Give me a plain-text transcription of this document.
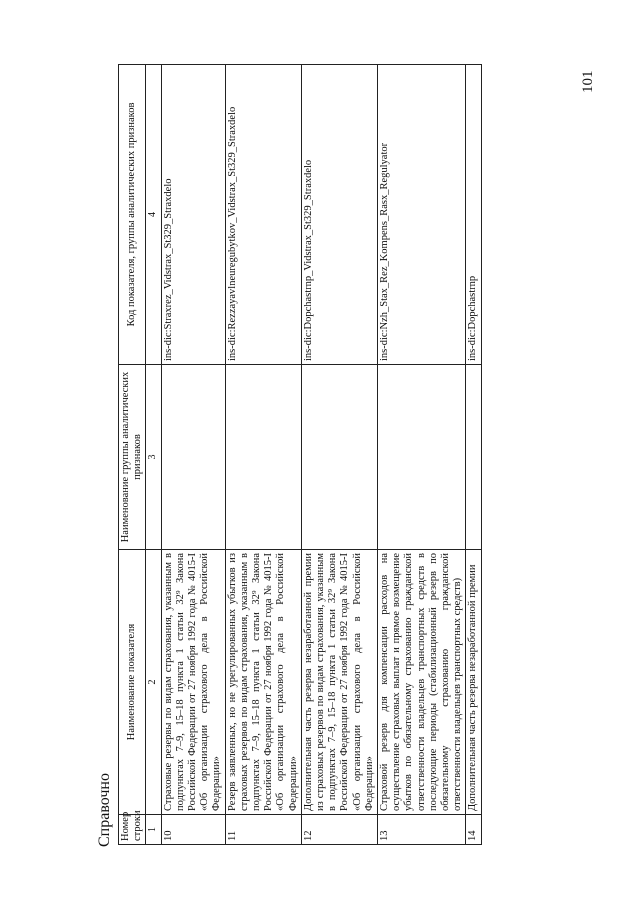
Справочно Номер строки	Наименование показателя	Наименование группы аналитических признаков	Код показателя, группы аналитических признаков
1	2	3	4
10	Страховые резервы по видам страхования, указанным в подпунктах 7–9, 15–18 пункта 1 статьи 32⁹ Закона Российской Федерации от 27 ноября 1992 года № 4015-I «Об организации страхового дела в Российской Федерации»		ins-dic:Straxrez_Vidstrax_St329_Straxdelo
11	Резерв заявленных, но не урегулированных убытков из страховых резервов по видам страхования, указанным в подпунктах 7–9, 15–18 пункта 1 статьи 32⁹ Закона Российской Федерации от 27 ноября 1992 года № 4015-I «Об организации страхового дела в Российской Федерации»		ins-dic:Rezzayavlneuregubytkov_Vidstrax_St329_Straxdelo
12	Дополнительная часть резерва незаработанной премии из страховых резервов по видам страхования, указанным в подпунктах 7–9, 15–18 пункта 1 статьи 32⁹ Закона Российской Федерации от 27 ноября 1992 года № 4015-I «Об организации страхового дела в Российской Федерации»		ins-dic:Dopchastrnp_Vidstrax_St329_Straxdelo
13	Страховой резерв для компенсации расходов на осуществление страховых выплат и прямое возмещение убытков по обязательному страхованию гражданской ответственности владельцев транспортных средств в последующие периоды (стабилизационный резерв по обязательному страхованию гражданской ответственности владельцев транспортных средств)		ins-dic:Nzh_Stax_Rez_Kompens_Rasx_Regulyator
14	Дополнительная часть резерва незаработанной премии		ins-dic:Dopchastrnp
101
